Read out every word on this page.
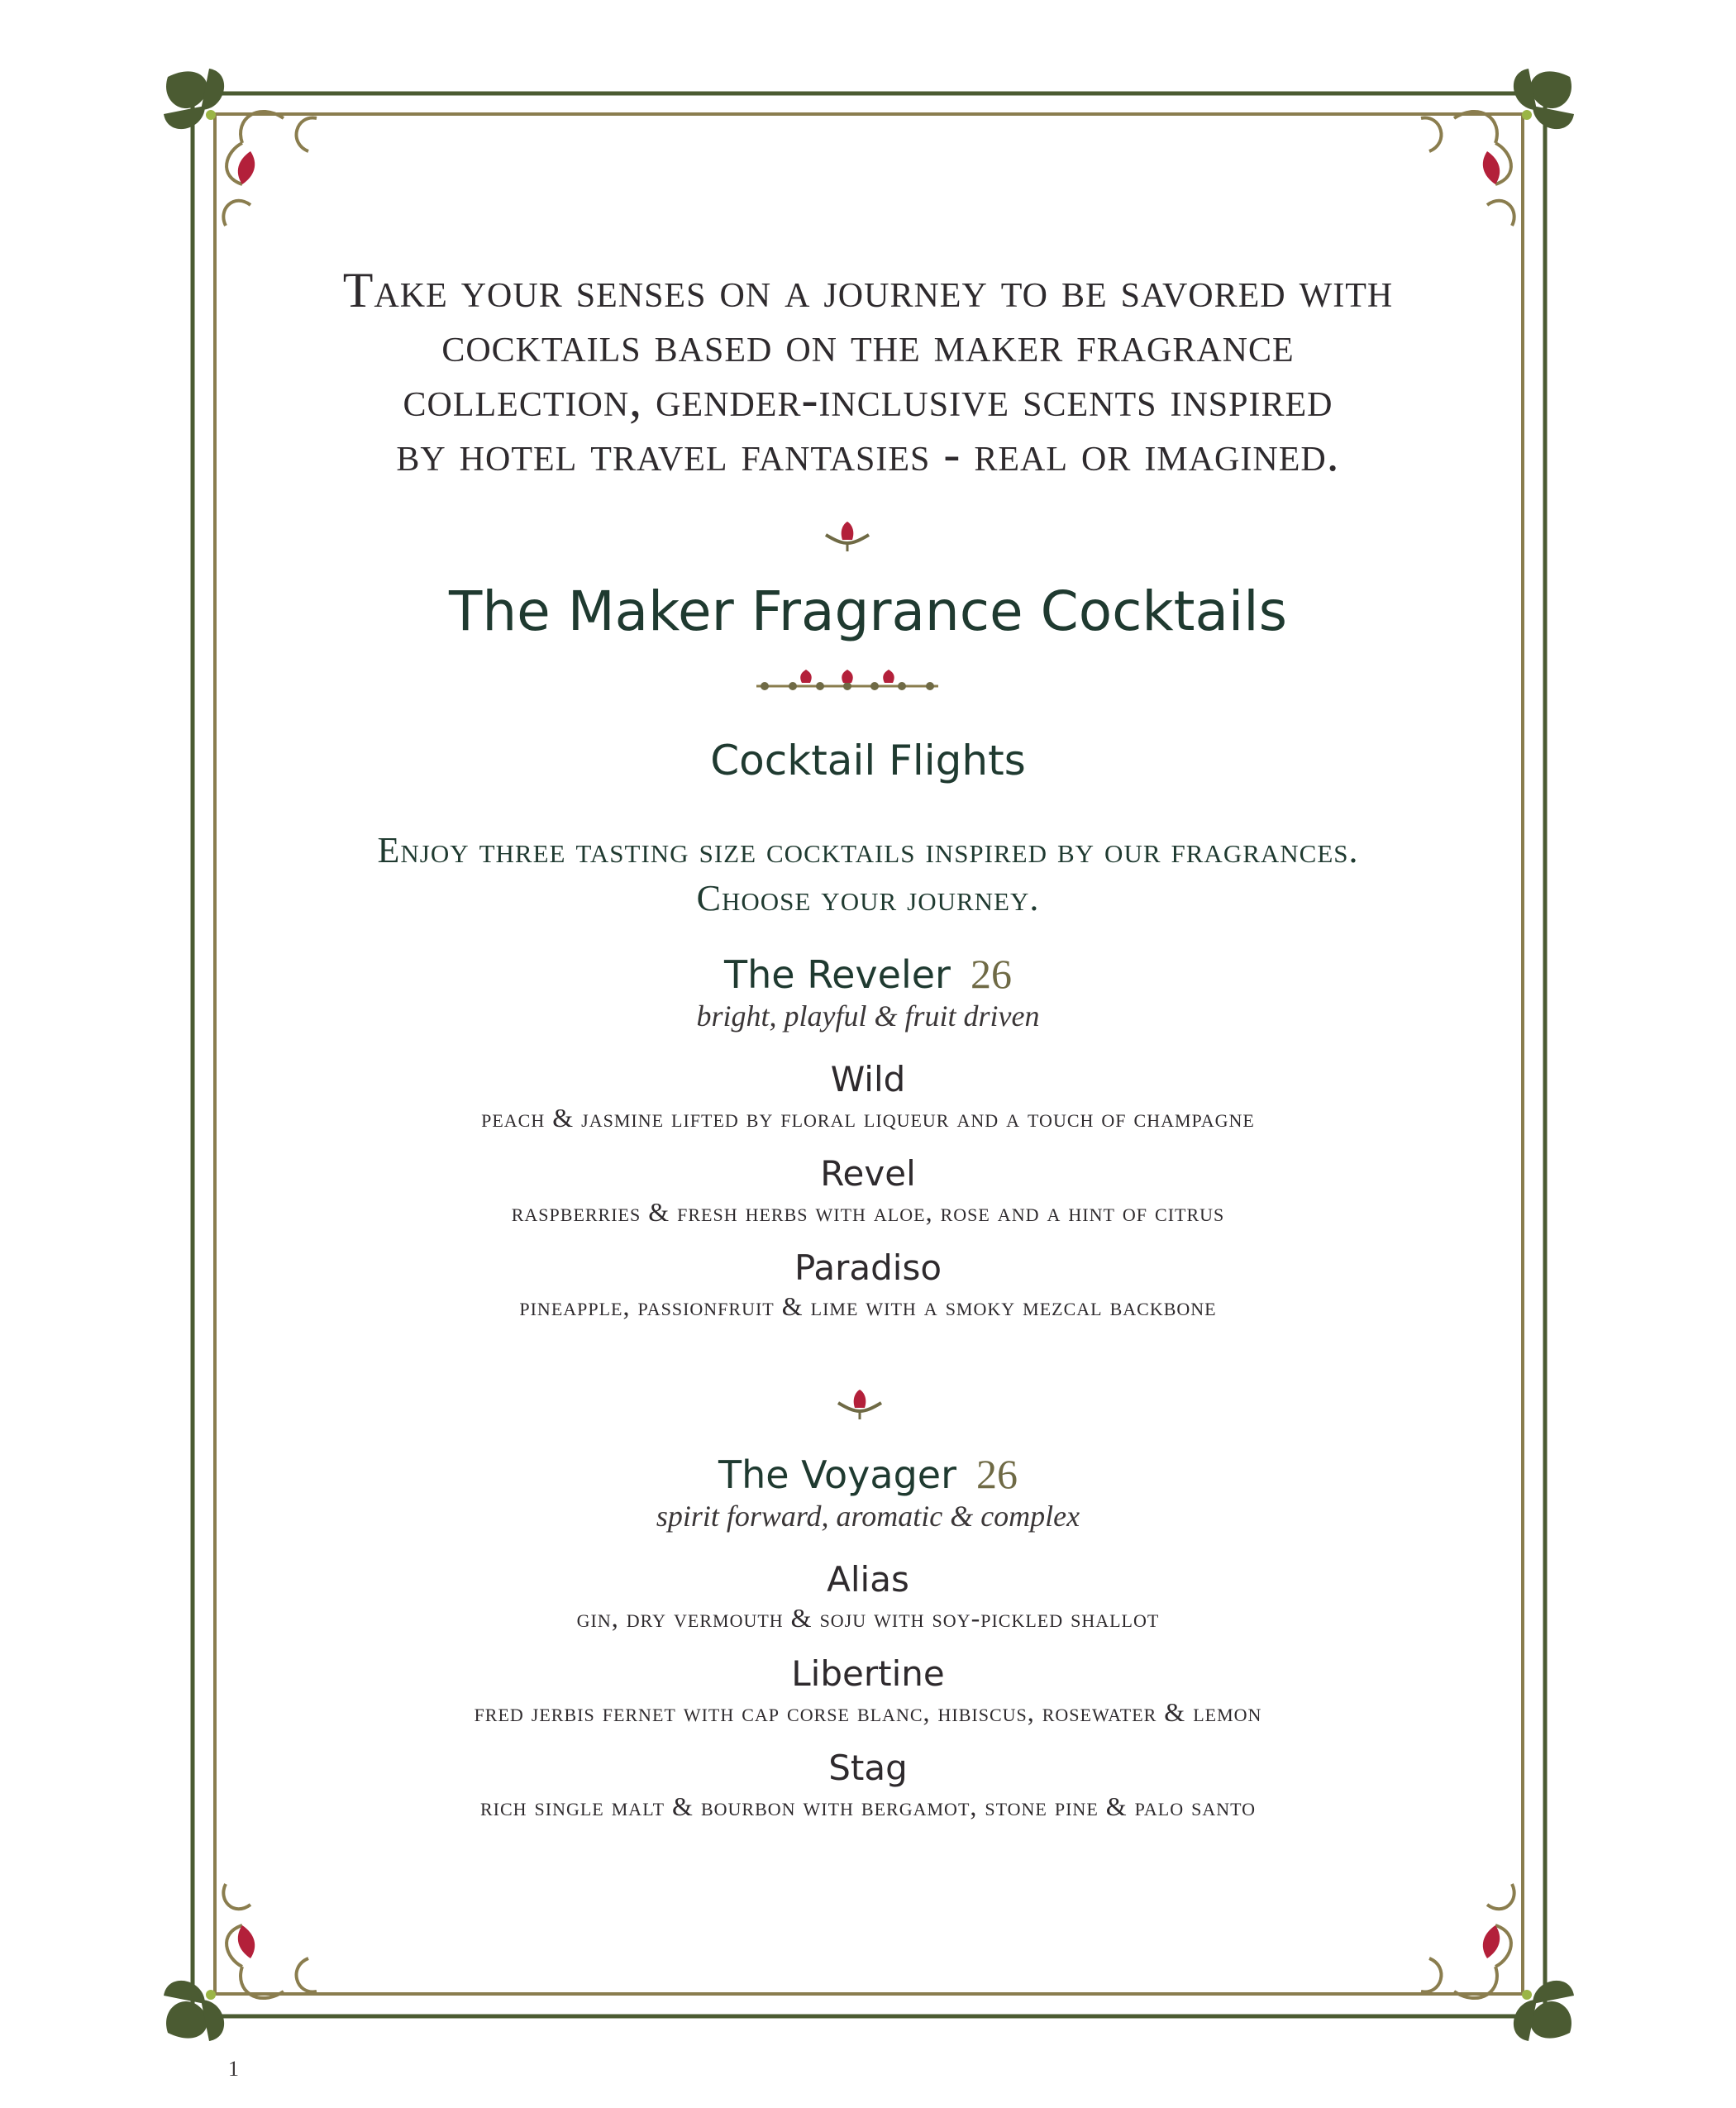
Take your senses on a journey to be savored with
cocktails based on the maker fragrance
collection, gender-inclusive scents inspired
by hotel travel fantasies - real or imagined.
The Maker Fragrance Cocktails
Cocktail Flights
Enjoy three tasting size cocktails inspired by our fragrances.
Choose your journey.
The Reveler 26
bright, playful & fruit driven
Wild
peach & jasmine lifted by floral liqueur and a touch of champagne
Revel
raspberries & fresh herbs with aloe, rose and a hint of citrus
Paradiso
pineapple, passionfruit & lime with a smoky mezcal backbone
The Voyager 26
spirit forward, aromatic & complex
Alias
gin, dry vermouth & soju with soy-pickled shallot
Libertine
fred jerbis fernet with cap corse blanc, hibiscus, rosewater & lemon
Stag
rich single malt & bourbon with bergamot, stone pine & palo santo
1
